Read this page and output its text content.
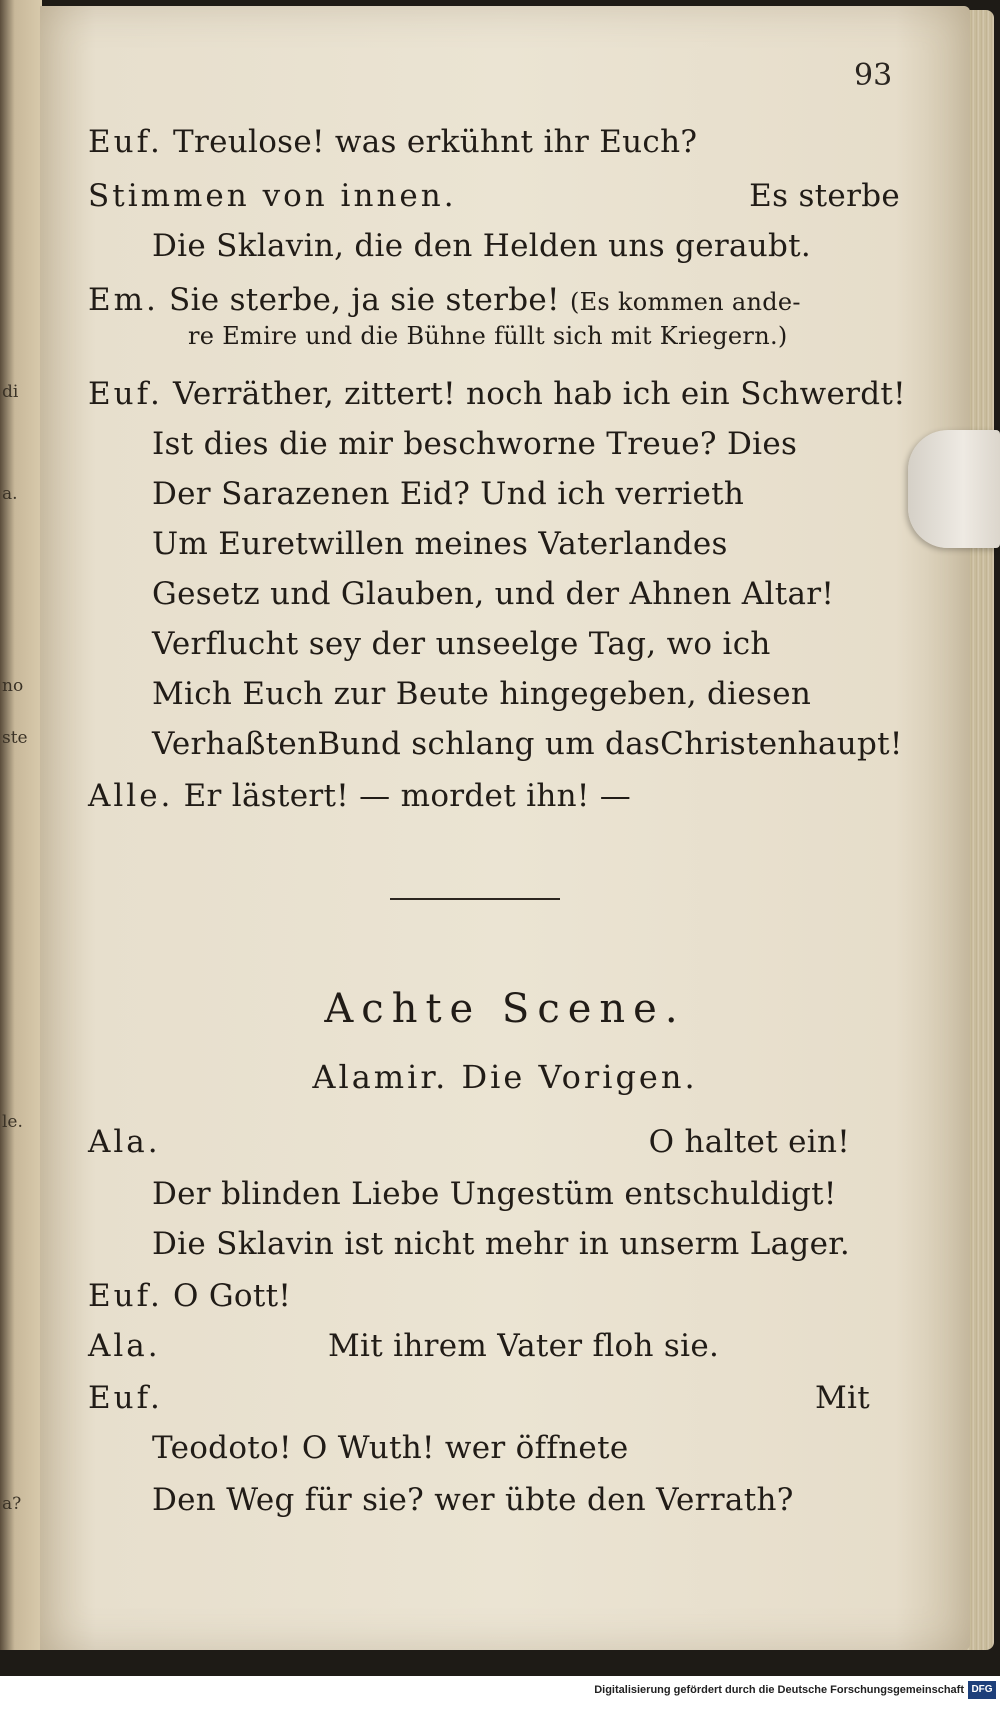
di
a.
no
ste
le.
a?
93
Euf. Treulose! was erkühnt ihr Euch?
Stimmen von innen.	Es sterbe
Die Sklavin, die den Helden uns geraubt.
Em. Sie sterbe, ja sie sterbe! (Es kommen ande-
re Emire und die Bühne füllt sich mit Kriegern.)
Euf. Verräther, zittert! noch hab ich ein Schwerdt!
Ist dies die mir beschworne Treue? Dies
Der Sarazenen Eid? Und ich verrieth
Um Euretwillen meines Vaterlandes
Gesetz und Glauben, und der Ahnen Altar!
Verflucht sey der unseelge Tag, wo ich
Mich Euch zur Beute hingegeben, diesen
VerhaßtenBund schlang um dasChristenhaupt!
Alle. Er lästert! — mordet ihn! —
Achte Scene.
Alamir. Die Vorigen.
Ala.	O haltet ein!
Der blinden Liebe Ungestüm entschuldigt!
Die Sklavin ist nicht mehr in unserm Lager.
Euf. O Gott!
Ala.	Mit ihrem Vater floh sie.
Euf.	Mit
Teodoto! O Wuth! wer öffnete
Den Weg für sie? wer übte den Verrath?
Digitalisierung gefördert durch die Deutsche Forschungsgemeinschaft DFG
